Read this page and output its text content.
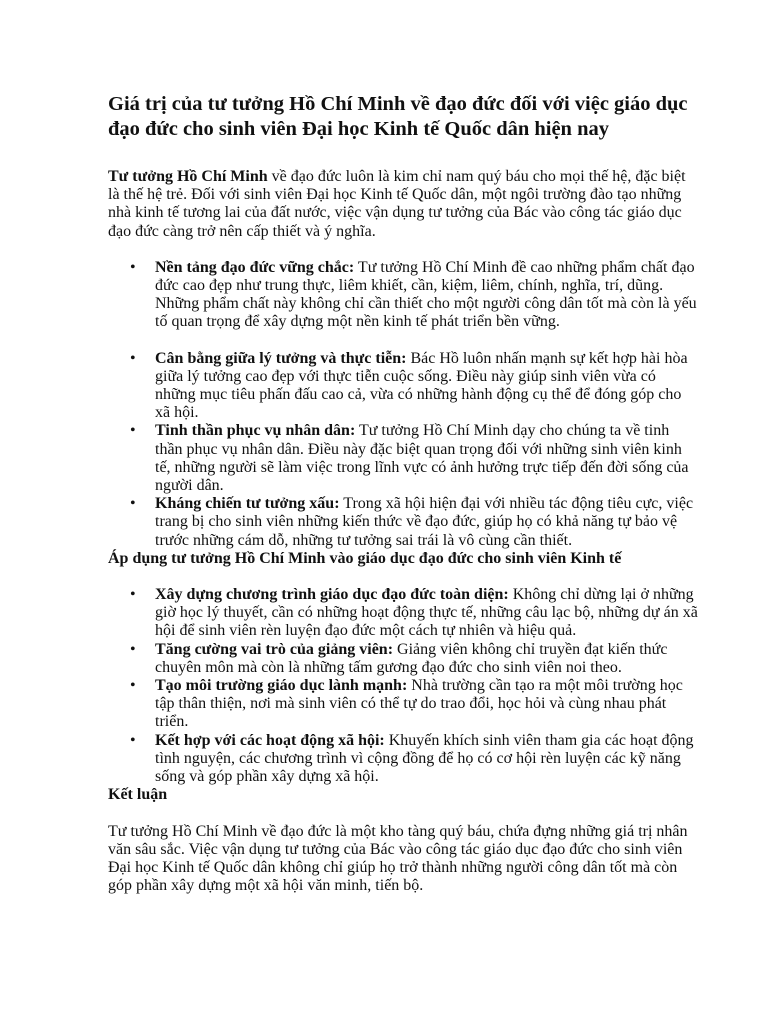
Giá trị của tư tưởng Hồ Chí Minh về đạo đức đối với việc giáo dục đạo đức cho sinh viên Đại học Kinh tế Quốc dân hiện nay

Tư tưởng Hồ Chí Minh về đạo đức luôn là kim chỉ nam quý báu cho mọi thế hệ, đặc biệt là thế hệ trẻ. Đối với sinh viên Đại học Kinh tế Quốc dân, một ngôi trường đào tạo những nhà kinh tế tương lai của đất nước, việc vận dụng tư tưởng của Bác vào công tác giáo dục đạo đức càng trở nên cấp thiết và ý nghĩa.

• Nền tảng đạo đức vững chắc: Tư tưởng Hồ Chí Minh đề cao những phẩm chất đạo đức cao đẹp như trung thực, liêm khiết, cần, kiệm, liêm, chính, nghĩa, trí, dũng. Những phẩm chất này không chỉ cần thiết cho một người công dân tốt mà còn là yếu tố quan trọng để xây dựng một nền kinh tế phát triển bền vững.
• Cân bằng giữa lý tưởng và thực tiễn: Bác Hồ luôn nhấn mạnh sự kết hợp hài hòa giữa lý tưởng cao đẹp với thực tiễn cuộc sống. Điều này giúp sinh viên vừa có những mục tiêu phấn đấu cao cả, vừa có những hành động cụ thể để đóng góp cho xã hội.
• Tinh thần phục vụ nhân dân: Tư tưởng Hồ Chí Minh dạy cho chúng ta về tinh thần phục vụ nhân dân. Điều này đặc biệt quan trọng đối với những sinh viên kinh tế, những người sẽ làm việc trong lĩnh vực có ảnh hưởng trực tiếp đến đời sống của người dân.
• Kháng chiến tư tưởng xấu: Trong xã hội hiện đại với nhiều tác động tiêu cực, việc trang bị cho sinh viên những kiến thức về đạo đức, giúp họ có khả năng tự bảo vệ trước những cám dỗ, những tư tưởng sai trái là vô cùng cần thiết.

Áp dụng tư tưởng Hồ Chí Minh vào giáo dục đạo đức cho sinh viên Kinh tế

• Xây dựng chương trình giáo dục đạo đức toàn diện: Không chỉ dừng lại ở những giờ học lý thuyết, cần có những hoạt động thực tế, những câu lạc bộ, những dự án xã hội để sinh viên rèn luyện đạo đức một cách tự nhiên và hiệu quả.
• Tăng cường vai trò của giảng viên: Giảng viên không chỉ truyền đạt kiến thức chuyên môn mà còn là những tấm gương đạo đức cho sinh viên noi theo.
• Tạo môi trường giáo dục lành mạnh: Nhà trường cần tạo ra một môi trường học tập thân thiện, nơi mà sinh viên có thể tự do trao đổi, học hỏi và cùng nhau phát triển.
• Kết hợp với các hoạt động xã hội: Khuyến khích sinh viên tham gia các hoạt động tình nguyện, các chương trình vì cộng đồng để họ có cơ hội rèn luyện các kỹ năng sống và góp phần xây dựng xã hội.

Kết luận

Tư tưởng Hồ Chí Minh về đạo đức là một kho tàng quý báu, chứa đựng những giá trị nhân văn sâu sắc. Việc vận dụng tư tưởng của Bác vào công tác giáo dục đạo đức cho sinh viên Đại học Kinh tế Quốc dân không chỉ giúp họ trở thành những người công dân tốt mà còn góp phần xây dựng một xã hội văn minh, tiến bộ.
